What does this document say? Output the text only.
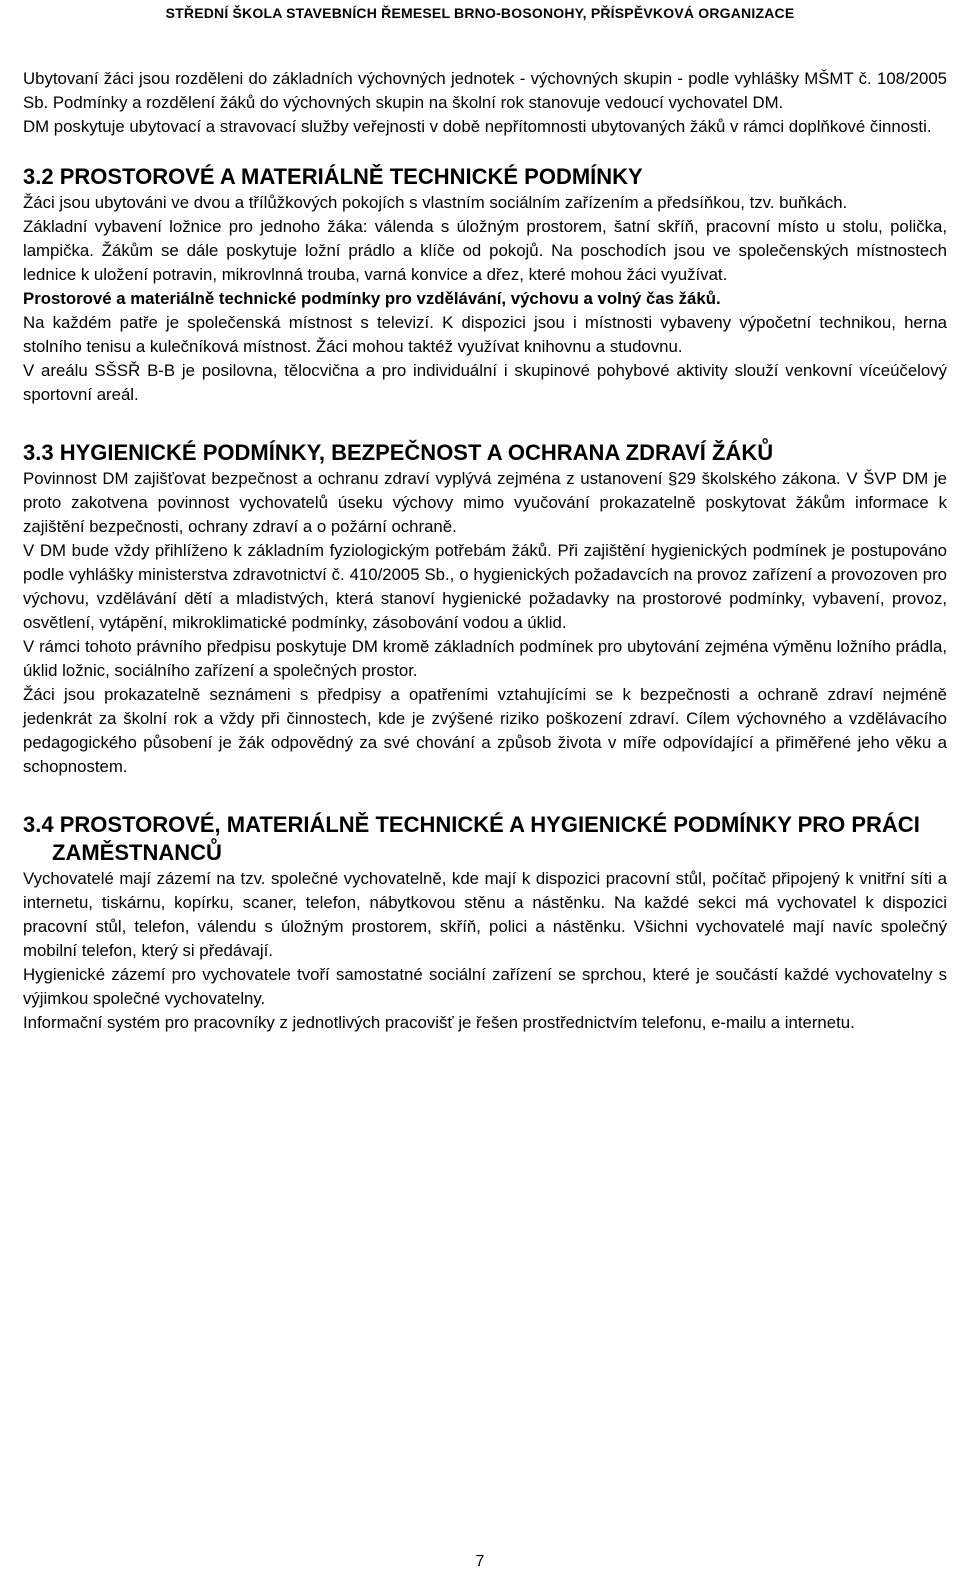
STŘEDNÍ ŠKOLA STAVEBNÍCH ŘEMESEL BRNO-BOSONOHY, PŘÍSPĚVKOVÁ ORGANIZACE

Ubytovaní žáci jsou rozděleni do základních výchovných jednotek - výchovných skupin - podle vyhlášky MŠMT č. 108/2005 Sb. Podmínky a rozdělení žáků do výchovných skupin na školní rok stanovuje vedoucí vychovatel DM.

DM poskytuje ubytovací a stravovací služby veřejnosti v době nepřítomnosti ubytovaných žáků v rámci doplňkové činnosti.

3.2 PROSTOROVÉ A MATERIÁLNĚ TECHNICKÉ PODMÍNKY

Žáci jsou ubytováni ve dvou a třílůžkových pokojích s vlastním sociálním zařízením a předsíňkou, tzv. buňkách.

Základní vybavení ložnice pro jednoho žáka: válenda s úložným prostorem, šatní skříň, pracovní místo u stolu, polička, lampička. Žákům se dále poskytuje ložní prádlo a klíče od pokojů. Na poschodích jsou ve společenských místnostech lednice k uložení potravin, mikrovlnná trouba, varná konvice a dřez, které mohou žáci využívat.

Prostorové a materiálně technické podmínky pro vzdělávání, výchovu a volný čas žáků.

Na každém patře je společenská místnost s televizí. K dispozici jsou i místnosti vybaveny výpočetní technikou, herna stolního tenisu a kulečníková místnost. Žáci mohou taktéž využívat knihovnu a studovnu.

V areálu SŠSŘ B-B je posilovna, tělocvična a pro individuální i skupinové pohybové aktivity slouží venkovní víceúčelový sportovní areál.

3.3 HYGIENICKÉ PODMÍNKY, BEZPEČNOST A OCHRANA ZDRAVÍ ŽÁKŮ

Povinnost DM zajišťovat bezpečnost a ochranu zdraví vyplývá zejména z ustanovení §29 školského zákona. V ŠVP DM je proto zakotvena povinnost vychovatelů úseku výchovy mimo vyučování prokazatelně poskytovat žákům informace k zajištění bezpečnosti, ochrany zdraví a o požární ochraně.

V DM bude vždy přihlíženo k základním fyziologickým potřebám žáků. Při zajištění hygienických podmínek je postupováno podle vyhlášky ministerstva zdravotnictví č. 410/2005 Sb., o hygienických požadavcích na provoz zařízení a provozoven pro výchovu, vzdělávání dětí a mladistvých, která stanoví hygienické požadavky na prostorové podmínky, vybavení, provoz, osvětlení, vytápění, mikroklimatické podmínky, zásobování vodou a úklid.

V rámci tohoto právního předpisu poskytuje DM kromě základních podmínek pro ubytování zejména výměnu ložního prádla, úklid ložnic, sociálního zařízení a společných prostor.

Žáci jsou prokazatelně seznámeni s předpisy a opatřeními vztahujícími se k bezpečnosti a ochraně zdraví nejméně jedenkrát za školní rok a vždy při činnostech, kde je zvýšené riziko poškození zdraví. Cílem výchovného a vzdělávacího pedagogického působení je žák odpovědný za své chování a způsob života v míře odpovídající a přiměřené jeho věku a schopnostem.

3.4 PROSTOROVÉ, MATERIÁLNĚ TECHNICKÉ A HYGIENICKÉ PODMÍNKY PRO PRÁCI ZAMĚSTNANCŮ

Vychovatelé mají zázemí na tzv. společné vychovatelně, kde mají k dispozici pracovní stůl, počítač připojený k vnitřní síti a internetu, tiskárnu, kopírku, scaner, telefon, nábytkovou stěnu a nástěnku. Na každé sekci má vychovatel k dispozici pracovní stůl, telefon, válendu s úložným prostorem, skříň, polici a nástěnku. Všichni vychovatelé mají navíc společný mobilní telefon, který si předávají.

Hygienické zázemí pro vychovatele tvoří samostatné sociální zařízení se sprchou, které je součástí každé vychovatelny s výjimkou společné vychovatelny.

Informační systém pro pracovníky z jednotlivých pracovišť je řešen prostřednictvím telefonu, e-mailu a internetu.

7
